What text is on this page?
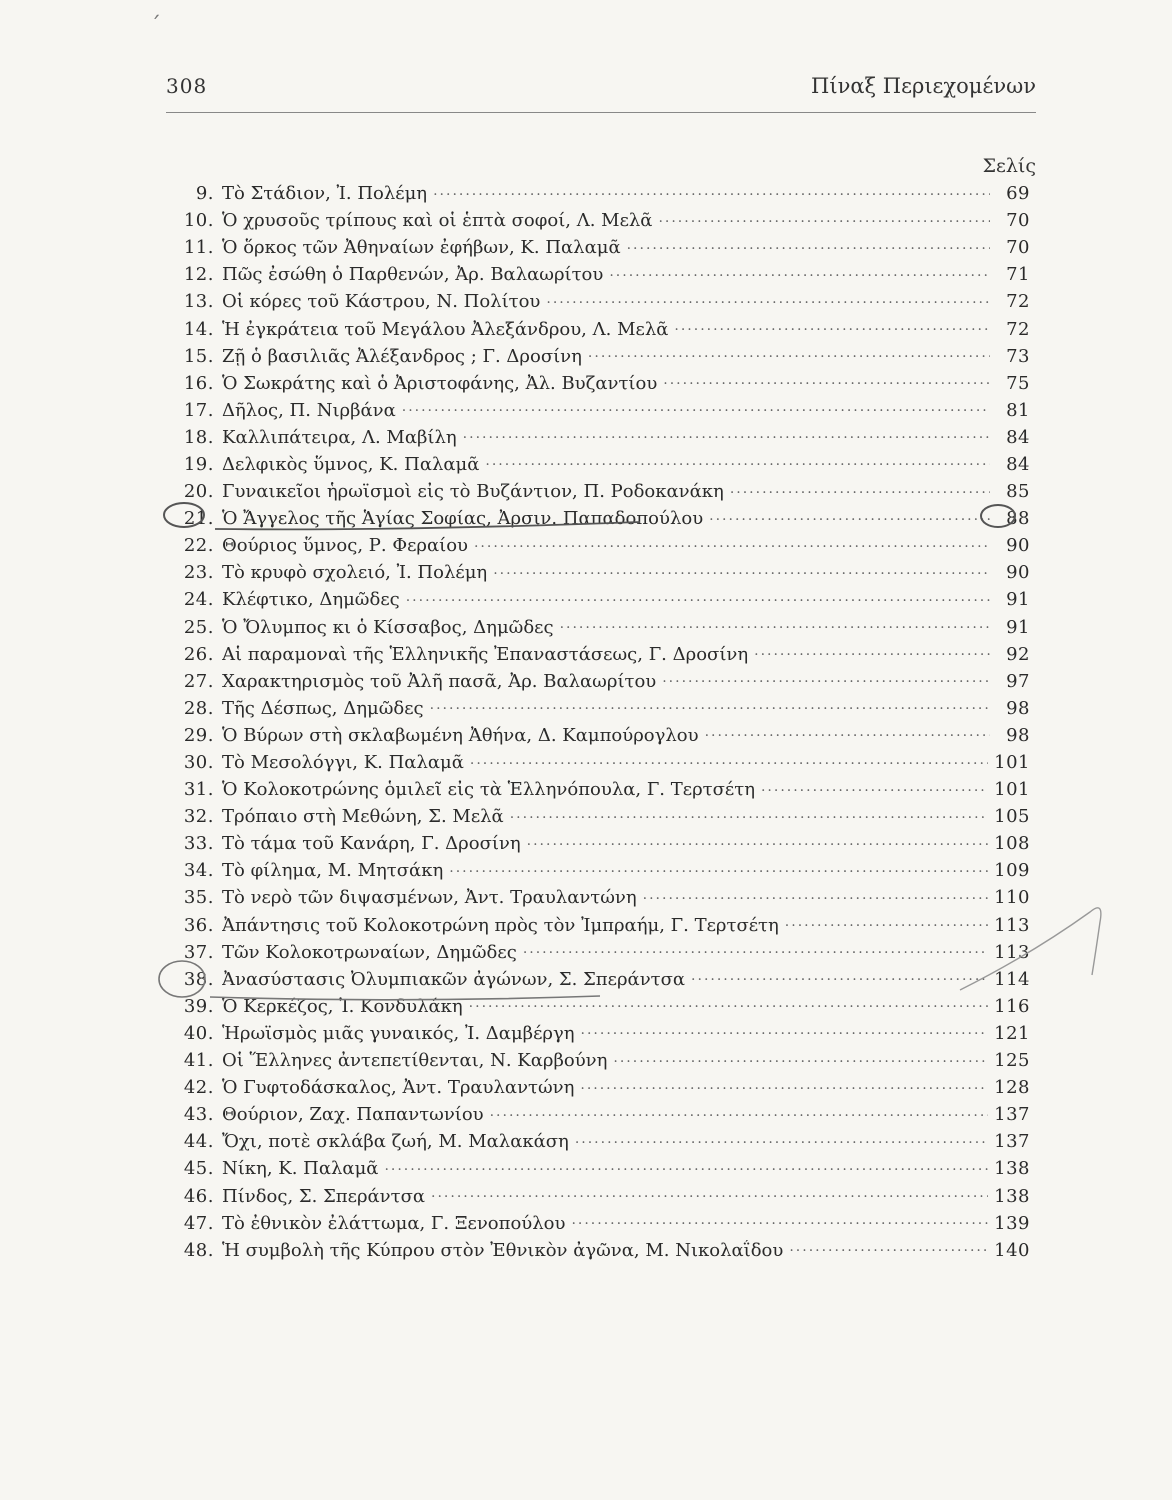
ˊ
308	Πίναξ Περιεχομένων
Σελίς
9. Τὸ Στάδιον, Ἰ. Πολέμη .....	69
10. Ὁ χρυσοῦς τρίπους καὶ οἱ ἑπτὰ σοφοί, Λ. Μελᾶ .....	70
11. Ὁ ὅρκος τῶν Ἀθηναίων ἐφήβων, Κ. Παλαμᾶ .....	70
12. Πῶς ἐσώθη ὁ Παρθενών, Ἀρ. Βαλαωρίτου .....	71
13. Οἱ κόρες τοῦ Κάστρου, Ν. Πολίτου .....	72
14. Ἡ ἐγκράτεια τοῦ Μεγάλου Ἀλεξάνδρου, Λ. Μελᾶ .....	72
15. Ζῇ ὁ βασιλιᾶς Ἀλέξανδρος ; Γ. Δροσίνη .....	73
16. Ὁ Σωκράτης καὶ ὁ Ἀριστοφάνης, Ἀλ. Βυζαντίου .....	75
17. Δῆλος, Π. Νιρβάνα .....	81
18. Καλλιπάτειρα, Λ. Μαβίλη .....	84
19. Δελφικὸς ὕμνος, Κ. Παλαμᾶ .....	84
20. Γυναικεῖοι ἡρωϊσμοὶ εἰς τὸ Βυζάντιον, Π. Ροδοκανάκη .....	85
21. Ὁ Ἄγγελος τῆς Ἁγίας Σοφίας, Ἀρσιν. Παπαδοπούλου .....	88
22. Θούριος ὕμνος, Ρ. Φεραίου .....	90
23. Τὸ κρυφὸ σχολειό, Ἰ. Πολέμη .....	90
24. Κλέφτικο, Δημῶδες .....	91
25. Ὁ Ὄλυμπος κι ὁ Κίσσαβος, Δημῶδες .....	91
26. Αἱ παραμοναὶ τῆς Ἑλληνικῆς Ἐπαναστάσεως, Γ. Δροσίνη .....	92
27. Χαρακτηρισμὸς τοῦ Ἀλῆ πασᾶ, Ἀρ. Βαλαωρίτου .....	97
28. Τῆς Δέσπως, Δημῶδες .....	98
29. Ὁ Βύρων στὴ σκλαβωμένη Ἀθήνα, Δ. Καμπούρογλου .....	98
30. Τὸ Μεσολόγγι, Κ. Παλαμᾶ .....	101
31. Ὁ Κολοκοτρώνης ὁμιλεῖ εἰς τὰ Ἑλληνόπουλα, Γ. Τερτσέτη .....	101
32. Τρόπαιο στὴ Μεθώνη, Σ. Μελᾶ .....	105
33. Τὸ τάμα τοῦ Κανάρη, Γ. Δροσίνη .....	108
34. Τὸ φίλημα, Μ. Μητσάκη .....	109
35. Τὸ νερὸ τῶν διψασμένων, Ἀντ. Τραυλαντώνη .....	110
36. Ἀπάντησις τοῦ Κολοκοτρώνη πρὸς τὸν Ἰμπραήμ, Γ. Τερτσέτη .....	113
37. Τῶν Κολοκοτρωναίων, Δημῶδες .....	113
38. Ἀνασύστασις Ὀλυμπιακῶν ἀγώνων, Σ. Σπεράντσα .....	114
39. Ὁ Κερκέζος, Ἰ. Κονδυλάκη .....	116
40. Ἡρωϊσμὸς μιᾶς γυναικός, Ἰ. Δαμβέργη .....	121
41. Οἱ Ἕλληνες ἀντεπετίθενται, Ν. Καρβούνη .....	125
42. Ὁ Γυφτοδάσκαλος, Ἀντ. Τραυλαντώνη .....	128
43. Θούριον, Ζαχ. Παπαντωνίου .....	137
44. Ὄχι, ποτὲ σκλάβα ζωή, Μ. Μαλακάση .....	137
45. Νίκη, Κ. Παλαμᾶ .....	138
46. Πίνδος, Σ. Σπεράντσα .....	138
47. Τὸ ἐθνικὸν ἐλάττωμα, Γ. Ξενοπούλου .....	139
48. Ἡ συμβολὴ τῆς Κύπρου στὸν Ἐθνικὸν ἀγῶνα, Μ. Νικολαΐδου .....	140
